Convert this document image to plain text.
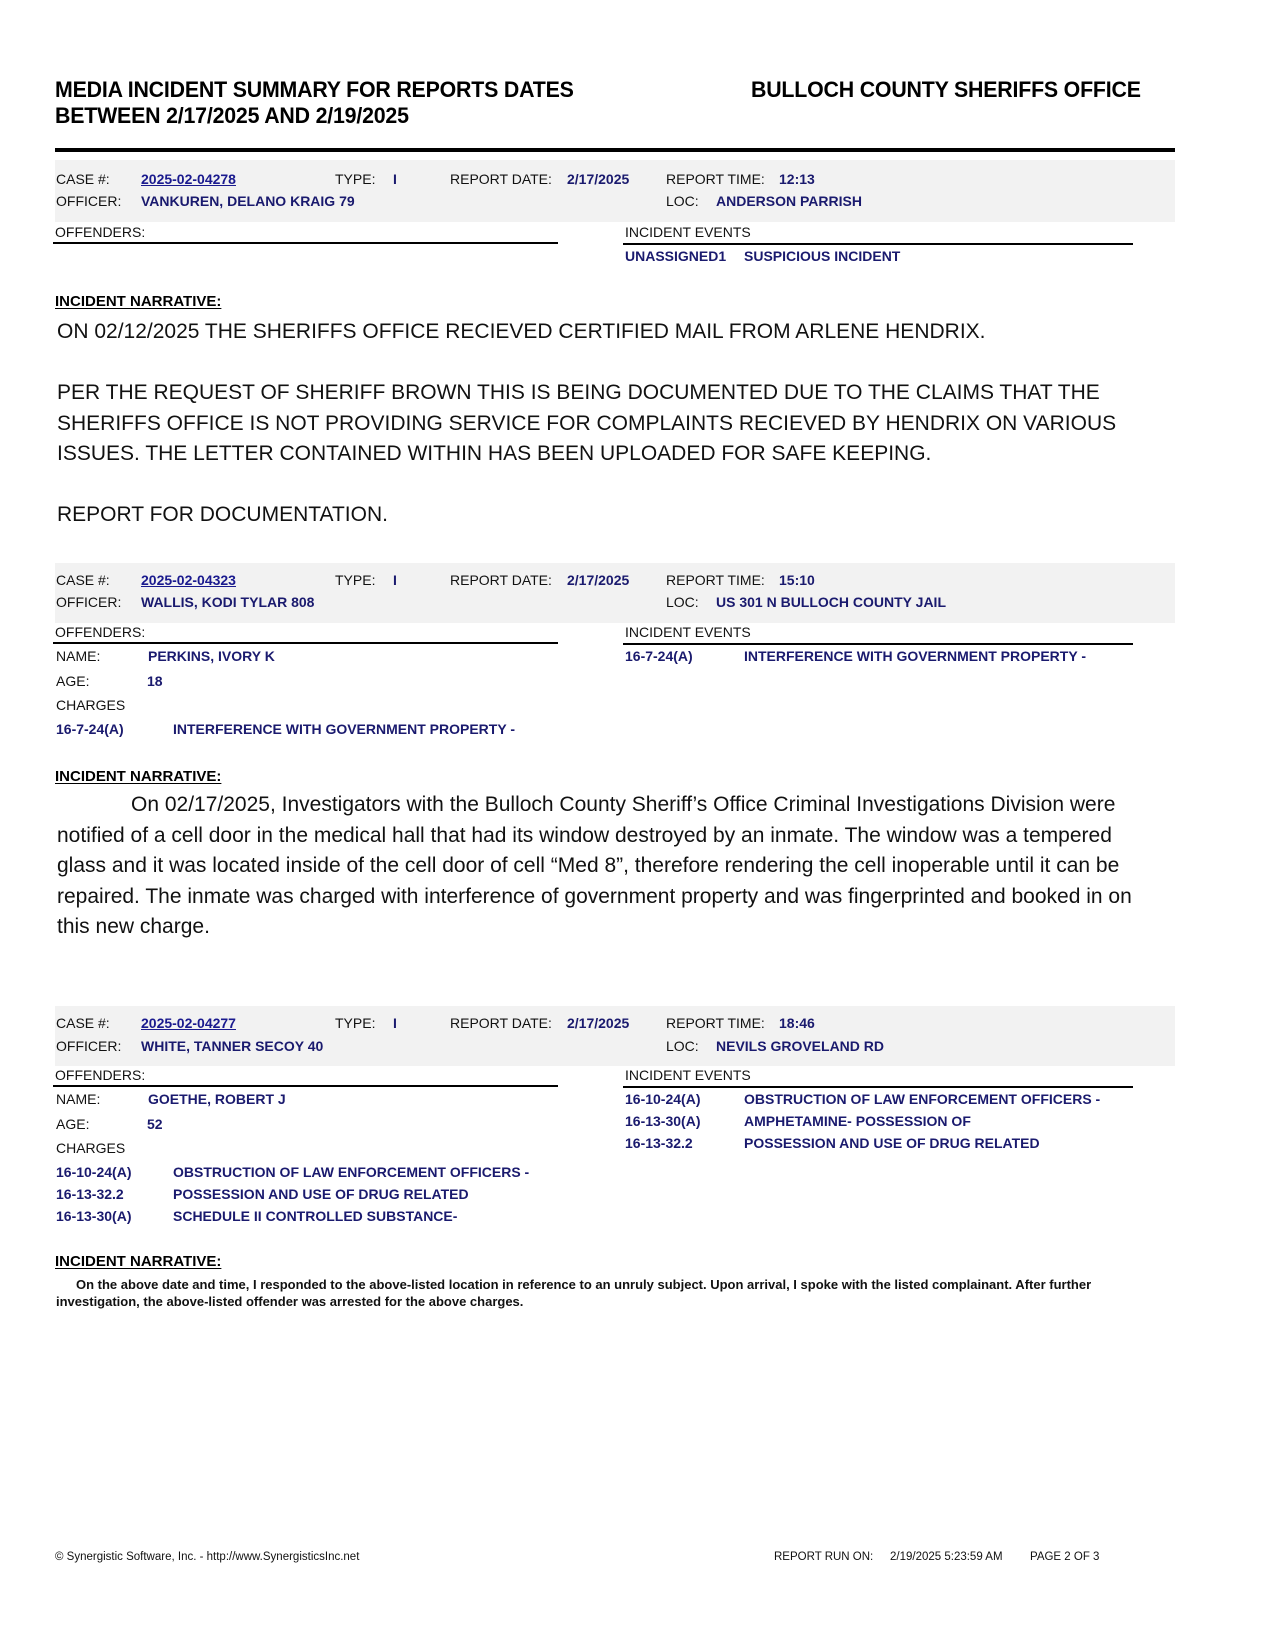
MEDIA INCIDENT SUMMARY FOR REPORTS DATES
BETWEEN 2/17/2025 AND 2/19/2025
BULLOCH COUNTY SHERIFFS OFFICE
CASE #: 2025-02-04278	TYPE: I	REPORT DATE: 2/17/2025	REPORT TIME: 12:13
OFFICER: VANKUREN, DELANO KRAIG 79	LOC: ANDERSON PARRISH
OFFENDERS:	INCIDENT EVENTS
UNASSIGNED1 SUSPICIOUS INCIDENT
INCIDENT NARRATIVE:

ON 02/12/2025 THE SHERIFFS OFFICE RECIEVED CERTIFIED MAIL FROM ARLENE HENDRIX.

PER THE REQUEST OF SHERIFF BROWN THIS IS BEING DOCUMENTED DUE TO THE CLAIMS THAT THE SHERIFFS OFFICE IS NOT PROVIDING SERVICE FOR COMPLAINTS RECIEVED BY HENDRIX ON VARIOUS ISSUES. THE LETTER CONTAINED WITHIN HAS BEEN UPLOADED FOR SAFE KEEPING.

REPORT FOR DOCUMENTATION.

CASE #: 2025-02-04323	TYPE: I	REPORT DATE: 2/17/2025	REPORT TIME: 15:10
OFFICER: WALLIS, KODI TYLAR 808	LOC: US 301 N BULLOCH COUNTY JAIL
OFFENDERS:
NAME:	PERKINS, IVORY K
AGE:	18
CHARGES
16-7-24(A)	INTERFERENCE WITH GOVERNMENT PROPERTY -
INCIDENT EVENTS
16-7-24(A)	INTERFERENCE WITH GOVERNMENT PROPERTY -
INCIDENT NARRATIVE:

On 02/17/2025, Investigators with the Bulloch County Sheriff’s Office Criminal Investigations Division were notified of a cell door in the medical hall that had its window destroyed by an inmate. The window was a tempered glass and it was located inside of the cell door of cell “Med 8”, therefore rendering the cell inoperable until it can be repaired. The inmate was charged with interference of government property and was fingerprinted and booked in on this new charge.

CASE #: 2025-02-04277	TYPE: I	REPORT DATE: 2/17/2025	REPORT TIME: 18:46
OFFICER: WHITE, TANNER SECOY 40	LOC: NEVILS GROVELAND RD
OFFENDERS:
NAME:	GOETHE, ROBERT J
AGE:	52
CHARGES
16-10-24(A)	OBSTRUCTION OF LAW ENFORCEMENT OFFICERS -
16-13-32.2	POSSESSION AND USE OF DRUG RELATED
16-13-30(A)	SCHEDULE II CONTROLLED SUBSTANCE-
INCIDENT EVENTS
16-10-24(A)	OBSTRUCTION OF LAW ENFORCEMENT OFFICERS -
16-13-30(A)	AMPHETAMINE- POSSESSION OF
16-13-32.2	POSSESSION AND USE OF DRUG RELATED
INCIDENT NARRATIVE:

On the above date and time, I responded to the above-listed location in reference to an unruly subject. Upon arrival, I spoke with the listed complainant. After further investigation, the above-listed offender was arrested for the above charges.

© Synergistic Software, Inc. - http://www.SynergisticsInc.net	REPORT RUN ON: 2/19/2025 5:23:59 AM PAGE 2 OF 3
